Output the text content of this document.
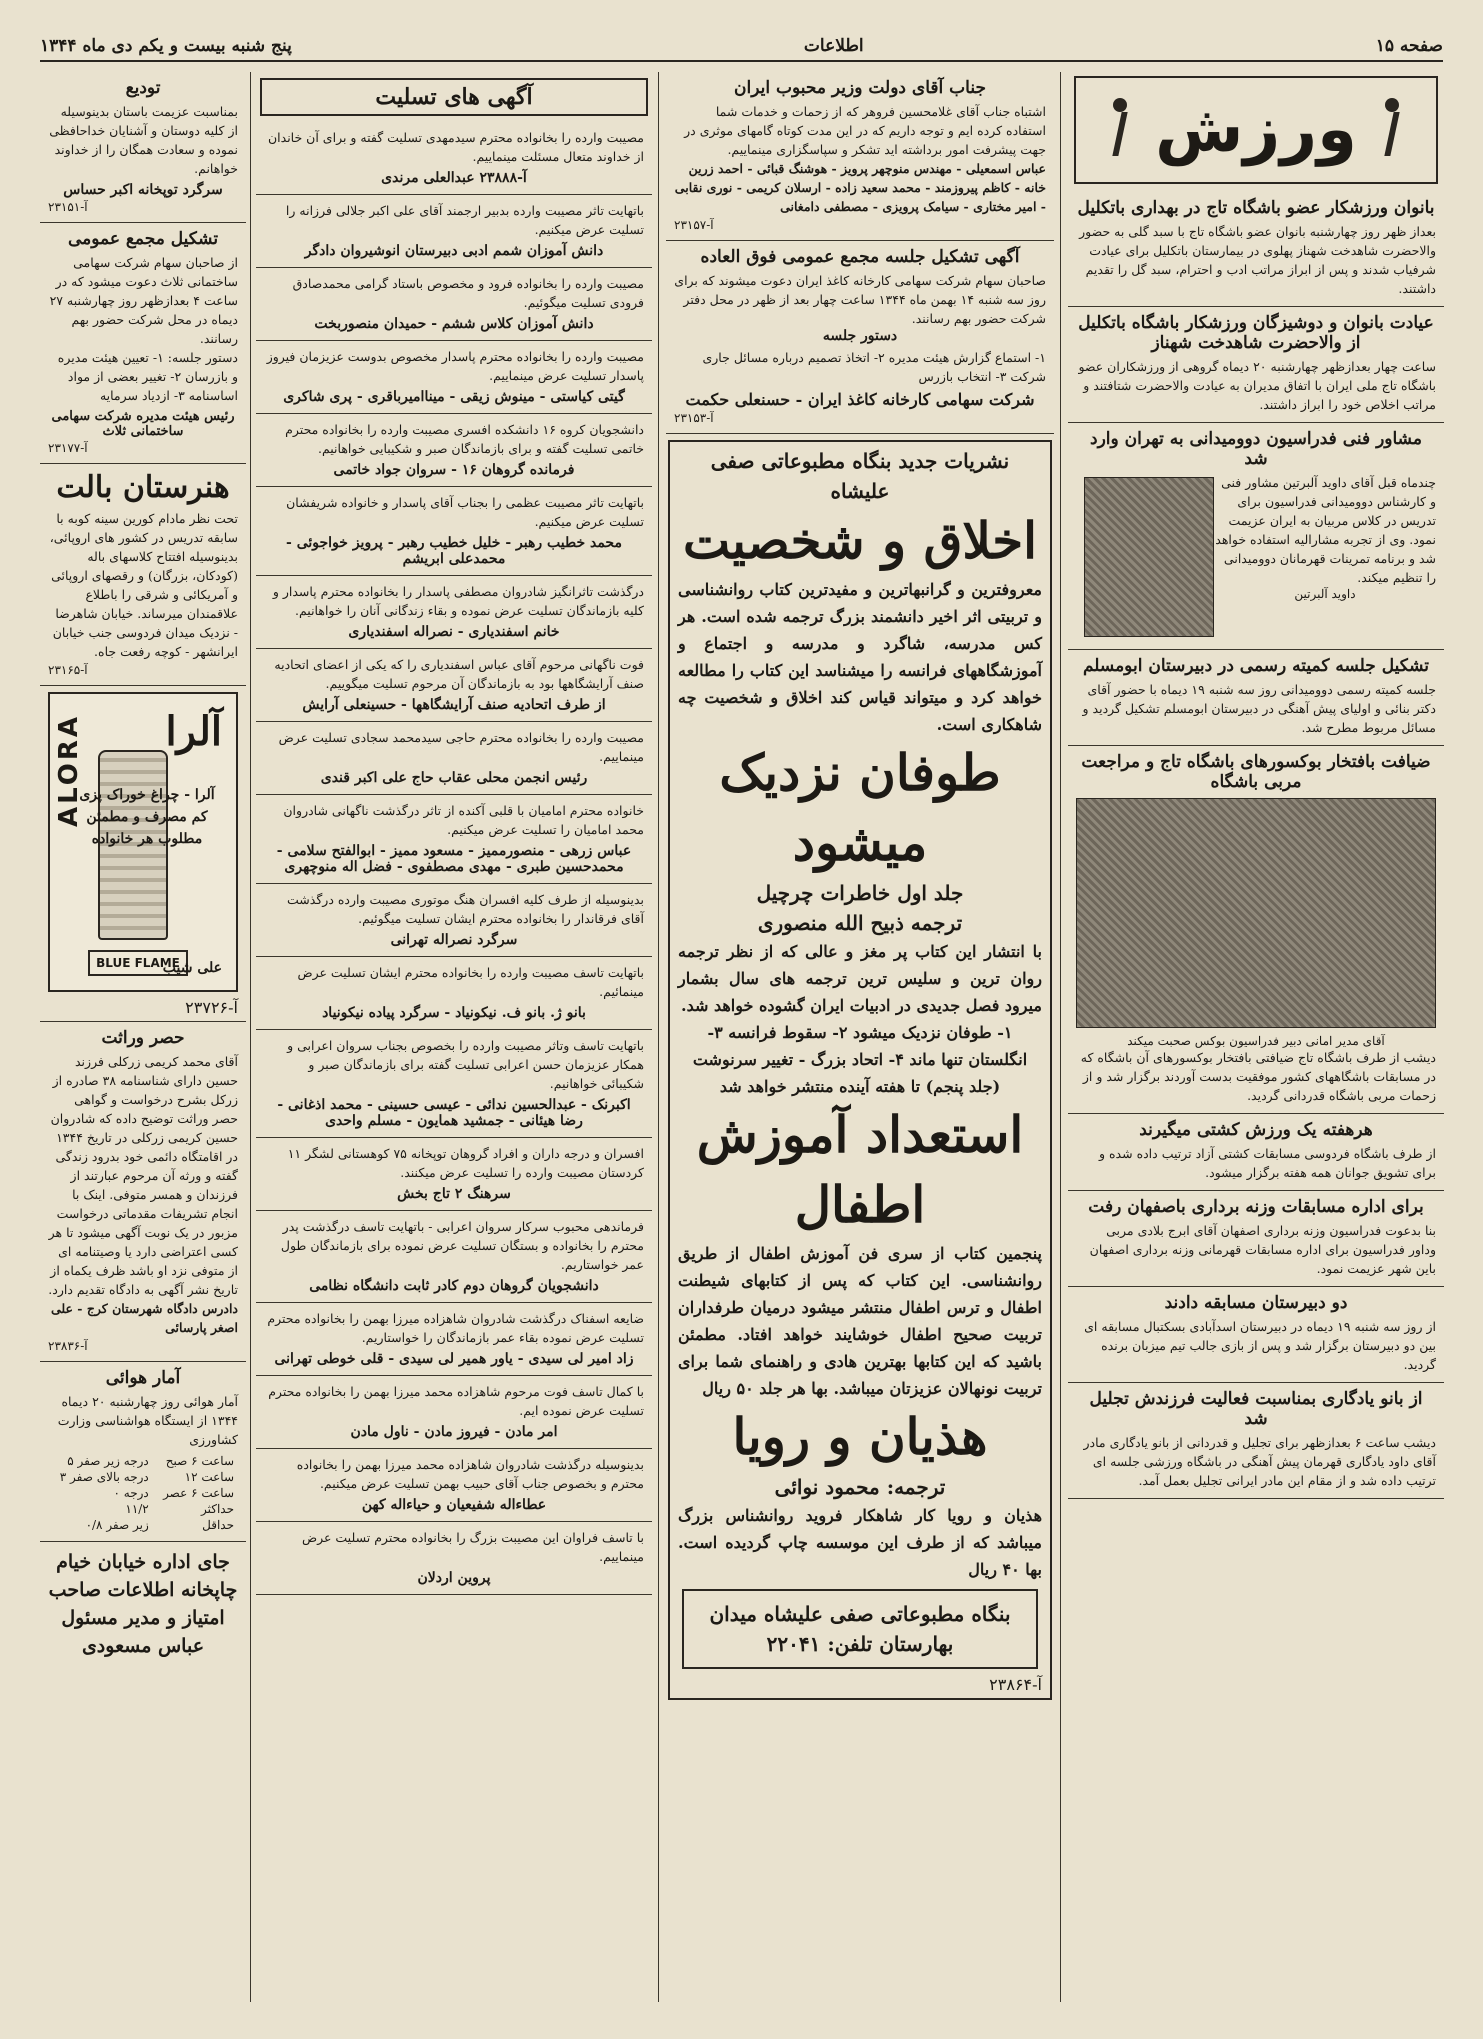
صفحه ۱۵
اطلاعات
پنج شنبه بیست و یکم دی ماه ۱۳۴۴
ورزش
بانوان ورزشکار عضو باشگاه تاج در بهداری باتکلیل

بعداز ظهر روز چهارشنبه بانوان عضو باشگاه تاج با سبد گلی به حضور والاحضرت شاهدخت شهناز پهلوی در بیمارستان باتکلیل برای عیادت شرفیاب شدند و پس از ابراز مراتب ادب و احترام، سبد گل را تقدیم داشتند.

عیادت بانوان و دوشیزگان ورزشکار باشگاه باتکلیل از والاحضرت شاهدخت شهناز

ساعت چهار بعدازظهر چهارشنبه ۲۰ دیماه گروهی از ورزشکاران عضو باشگاه تاج ملی ایران با اتفاق مدیران به عیادت والاحضرت شتافتند و مراتب اخلاص خود را ابراز داشتند.

مشاور فنی فدراسیون دوومیدانی به تهران وارد شد

چندماه قبل آقای داوید آلبرتین مشاور فنی و کارشناس دوومیدانی فدراسیون برای تدریس در کلاس مربیان به ایران عزیمت نمود. وی از تجربه مشارالیه استفاده خواهد شد و برنامه تمرینات قهرمانان دوومیدانی را تنظیم میکند.

داوید آلبرتین
تشکیل جلسه کمیته رسمی در دبیرستان ابومسلم

جلسه کمیته رسمی دوومیدانی روز سه شنبه ۱۹ دیماه با حضور آقای دکتر بنائی و اولیای پیش آهنگی در دبیرستان ابومسلم تشکیل گردید و مسائل مربوط مطرح شد.

ضیافت بافتخار بوکسورهای باشگاه تاج و مراجعت مربی باشگاه
آقای مدیر امانی دبیر فدراسیون بوکس صحبت میکند

دیشب از طرف باشگاه تاج ضیافتی بافتخار بوکسورهای آن باشگاه که در مسابقات باشگاههای کشور موفقیت بدست آوردند برگزار شد و از زحمات مربی باشگاه قدردانی گردید.

هرهفته یک ورزش کشتی میگیرند

از طرف باشگاه فردوسی مسابقات کشتی آزاد ترتیب داده شده و برای تشویق جوانان همه هفته برگزار میشود.

برای اداره مسابقات وزنه برداری باصفهان رفت

بنا بدعوت فدراسیون وزنه برداری اصفهان آقای ابرج بلادی مربی وداور فدراسیون برای اداره مسابقات قهرمانی وزنه برداری اصفهان باین شهر عزیمت نمود.

دو دبیرستان مسابقه دادند

از روز سه شنبه ۱۹ دیماه در دبیرستان اسدآبادی بسکتبال مسابقه ای بین دو دبیرستان برگزار شد و پس از بازی جالب تیم میزبان برنده گردید.

از بانو یادگاری بمناسبت فعالیت فرزندش تجلیل شد

دیشب ساعت ۶ بعدازظهر برای تجلیل و قدردانی از بانو یادگاری مادر آقای داود یادگاری قهرمان پیش آهنگی در باشگاه ورزشی جلسه ای ترتیب داده شد و از مقام این مادر ایرانی تجلیل بعمل آمد.

جناب آقای دولت وزیر محبوب ایران

اشتباه جناب آقای غلامحسین فروهر که از زحمات و خدمات شما استفاده کرده ایم و توجه داریم که در این مدت کوتاه گامهای موثری در جهت پیشرفت امور برداشته اید تشکر و سپاسگزاری مینماییم.

عباس اسمعیلی - مهندس منوچهر پرویز - هوشنگ قبائی - احمد زرین خانه - کاظم پیروزمند - محمد سعید زاده - ارسلان کریمی - نوری نقابی - امیر مختاری - سیامک پرویزی - مصطفی دامغانی

آ-۲۳۱۵۷
آگهی تشکیل جلسه مجمع عمومی فوق العاده

صاحبان سهام شرکت سهامی کارخانه کاغذ ایران دعوت میشوند که برای روز سه شنبه ۱۴ بهمن ماه ۱۳۴۴ ساعت چهار بعد از ظهر در محل دفتر شرکت حضور بهم رسانند.

دستور جلسه

۱- استماع گزارش هیئت مدیره ۲- اتخاذ تصمیم درباره مسائل جاری شرکت ۳- انتخاب بازرس

شرکت سهامی کارخانه کاغذ ایران - حسنعلی حکمت
آ-۲۳۱۵۳
نشریات جدید بنگاه مطبوعاتی صفی علیشاه
اخلاق و شخصیت
معروفترین و گرانبهاترین و مفیدترین کتاب روانشناسی و تربیتی اثر اخیر دانشمند بزرگ ترجمه شده است. هر کس مدرسه، شاگرد و مدرسه و اجتماع و آموزشگاههای فرانسه را میشناسد این کتاب را مطالعه خواهد کرد و میتواند قیاس کند اخلاق و شخصیت چه شاهکاری است.
طوفان نزدیک میشود
جلد اول خاطرات چرچیل
ترجمه ذبیح الله منصوری
با انتشار این کتاب پر مغز و عالی که از نظر ترجمه روان ترین و سلیس ترین ترجمه های سال بشمار میرود فصل جدیدی در ادبیات ایران گشوده خواهد شد.
۱- طوفان نزدیک میشود ۲- سقوط فرانسه ۳- انگلستان تنها ماند ۴- اتحاد بزرگ - تغییر سرنوشت (جلد پنجم) تا هفته آینده منتشر خواهد شد
استعداد آموزش اطفال
پنجمین کتاب از سری فن آموزش اطفال از طریق روانشناسی. این کتاب که پس از کتابهای شیطنت اطفال و ترس اطفال منتشر میشود درمیان طرفداران تربیت صحیح اطفال خوشایند خواهد افتاد. مطمئن باشید که این کتابها بهترین هادی و راهنمای شما برای تربیت نونهالان عزیزتان میباشد. بها هر جلد ۵۰ ریال
هذیان و رویا
ترجمه: محمود نوائی
هذیان و رویا کار شاهکار فروید روانشناس بزرگ میباشد که از طرف این موسسه چاپ گردیده است. بها ۴۰ ریال
بنگاه مطبوعاتی صفی علیشاه میدان بهارستان تلفن: ۲۲۰۴۱
آ-۲۳۸۶۴
آگهی های تسلیت

مصیبت وارده را بخانواده محترم سیدمهدی تسلیت گفته و برای آن خاندان از خداوند متعال مسئلت مینماییم.

آ-۲۳۸۸۸ عبدالعلی مرندی

باتهایت تاثر مصیبت وارده بدبیر ارجمند آقای علی اکبر جلالی فرزانه را تسلیت عرض میکنیم.

دانش آموزان شمم ادبی دبیرستان انوشیروان دادگر

مصیبت وارده را بخانواده فرود و مخصوص باستاد گرامی محمدصادق فرودی تسلیت میگوئیم.

دانش آموزان کلاس ششم - حمیدان منصوربخت

مصیبت وارده را بخانواده محترم پاسدار مخصوص بدوست عزیزمان فیروز پاسدار تسلیت عرض مینماییم.

گیتی کیاستی - مینوش زیقی - میناامیرباقری - پری شاکری

دانشجویان کروه ۱۶ دانشکده افسری مصیبت وارده را بخانواده محترم خاتمی تسلیت گفته و برای بازماندگان صبر و شکیبایی خواهانیم.

فرمانده گروهان ۱۶ - سروان جواد خاتمی

باتهایت تاثر مصیبت عظمی را بجناب آقای پاسدار و خانواده شریفشان تسلیت عرض میکنیم.

محمد خطیب رهبر - خلیل خطیب رهبر - پرویز خواجوئی - محمدعلی ابریشم

درگذشت تاثرانگیز شادروان مصطفی پاسدار را بخانواده محترم پاسدار و کلیه بازماندگان تسلیت عرض نموده و بقاء زندگانی آنان را خواهانیم.

خانم اسفندیاری - نصراله اسفندیاری

فوت ناگهانی مرحوم آقای عباس اسفندیاری را که یکی از اعضای اتحادیه صنف آرایشگاهها بود به بازماندگان آن مرحوم تسلیت میگوییم.

از طرف اتحادیه صنف آرایشگاهها - حسینعلی آرایش

مصیبت وارده را بخانواده محترم حاجی سیدمحمد سجادی تسلیت عرض مینماییم.

رئیس انجمن محلی عقاب حاج علی اکبر قندی

خانواده محترم امامیان با قلبی آکنده از تاثر درگذشت ناگهانی شادروان محمد امامیان را تسلیت عرض میکنیم.

عباس زرهی - منصورممیز - مسعود ممیز - ابوالفتح سلامی - محمدحسین طبری - مهدی مصطفوی - فضل اله منوچهری

بدینوسیله از طرف کلیه افسران هنگ موتوری مصیبت وارده درگذشت آقای فرقاندار را بخانواده محترم ایشان تسلیت میگوئیم.

سرگرد نصراله تهرانی

باتهایت تاسف مصیبت وارده را بخانواده محترم ایشان تسلیت عرض مینمائیم.

بانو ژ. بانو ف. نیکونیاد - سرگرد پیاده نیکونیاد

باتهایت تاسف وتاثر مصیبت وارده را بخصوص بجناب سروان اعرابی و همکار عزیزمان حسن اعرابی تسلیت گفته برای بازماندگان صبر و شکیبائی خواهانیم.

اکبرنک - عبدالحسین ندائی - عیسی حسینی - محمد اذغانی - رضا هیئانی - جمشید همایون - مسلم واحدی

افسران و درجه داران و افراد گروهان توپخانه ۷۵ کوهستانی لشگر ۱۱ کردستان مصیبت وارده را تسلیت عرض میکنند.

سرهنگ ۲ تاج بخش

فرماندهی محبوب سرکار سروان اعرابی - باتهایت تاسف درگذشت پدر محترم را بخانواده و بستگان تسلیت عرض نموده برای بازماندگان طول عمر خواستاریم.

دانشجویان گروهان دوم کادر ثابت دانشگاه نظامی

ضایعه اسفناک درگذشت شادروان شاهزاده میرزا بهمن را بخانواده محترم تسلیت عرض نموده بقاء عمر بازماندگان را خواستاریم.

زاد امیر لی سیدی - یاور همیر لی سیدی - قلی خوطی تهرانی

با کمال تاسف فوت مرحوم شاهزاده محمد میرزا بهمن را بخانواده محترم تسلیت عرض نموده ایم.

امر مادن - فیروز مادن - ناول مادن

بدینوسیله درگذشت شادروان شاهزاده محمد میرزا بهمن را بخانواده محترم و بخصوص جناب آقای حبیب بهمن تسلیت عرض میکنیم.

عطاءاله شفیعیان و حیاءاله کهن

با تاسف فراوان این مصیبت بزرگ را بخانواده محترم تسلیت عرض مینماییم.

پروین اردلان
تودیع

بمناسبت عزیمت باستان بدینوسیله از کلیه دوستان و آشنایان خداحافظی نموده و سعادت همگان را از خداوند خواهانم.

سرگرد توپخانه اکبر حساس
آ-۲۳۱۵۱
تشکیل مجمع عمومی

از صاحبان سهام شرکت سهامی ساختمانی ثلاث دعوت میشود که در ساعت ۴ بعدازظهر روز چهارشنبه ۲۷ دیماه در محل شرکت حضور بهم رسانند.

دستور جلسه: ۱- تعیین هیئت مدیره و بازرسان ۲- تغییر بعضی از مواد اساسنامه ۳- ازدیاد سرمایه

رئیس هیئت مدیره شرکت سهامی ساختمانی ثلاث
آ-۲۳۱۷۷
هنرستان بالت

تحت نظر مادام کورین سینه کوبه با سابقه تدریس در کشور های اروپائی، بدینوسیله افتتاح کلاسهای باله (کودکان، بزرگان) و رقصهای اروپائی و آمریکائی و شرقی را باطلاع علاقمندان میرساند. خیابان شاهرضا - نزدیک میدان فردوسی جنب خیابان ایرانشهر - کوچه رفعت جاه.

آ-۲۳۱۶۵
ALORA آلرا
آلرا - چراغ خوراک پزی کم مصرف و مطمئن مطلوب هر خانواده
BLUE FLAME
علی شیب
آ-۲۳۷۲۶
حصر وراثت

آقای محمد کریمی زرکلی فرزند حسین دارای شناسنامه ۳۸ صادره از زرکل بشرح درخواست و گواهی حصر وراثت توضیح داده که شادروان حسین کریمی زرکلی در تاریخ ۱۳۴۴ در اقامتگاه دائمی خود بدرود زندگی گفته و ورثه آن مرحوم عبارتند از فرزندان و همسر متوفی. اینک با انجام تشریفات مقدماتی درخواست مزبور در یک نوبت آگهی میشود تا هر کسی اعتراضی دارد یا وصیتنامه ای از متوفی نزد او باشد ظرف یکماه از تاریخ نشر آگهی به دادگاه تقدیم دارد.

دادرس دادگاه شهرستان کرج - علی اصغر پارسائی

آ-۲۳۸۳۶
آمار هوائی

آمار هوائی روز چهارشنبه ۲۰ دیماه ۱۳۴۴ از ایستگاه هواشناسی وزارت کشاورزی

ساعت ۶ صبح	درجه زیر صفر ۵
ساعت ۱۲	درجه بالای صفر ۳
ساعت ۶ عصر	درجه ۰
حداکثر	۱۱/۲
حداقل	زیر صفر ۰/۸
جای اداره خیابان خیام چاپخانه اطلاعات صاحب امتیاز و مدیر مسئول عباس مسعودی
